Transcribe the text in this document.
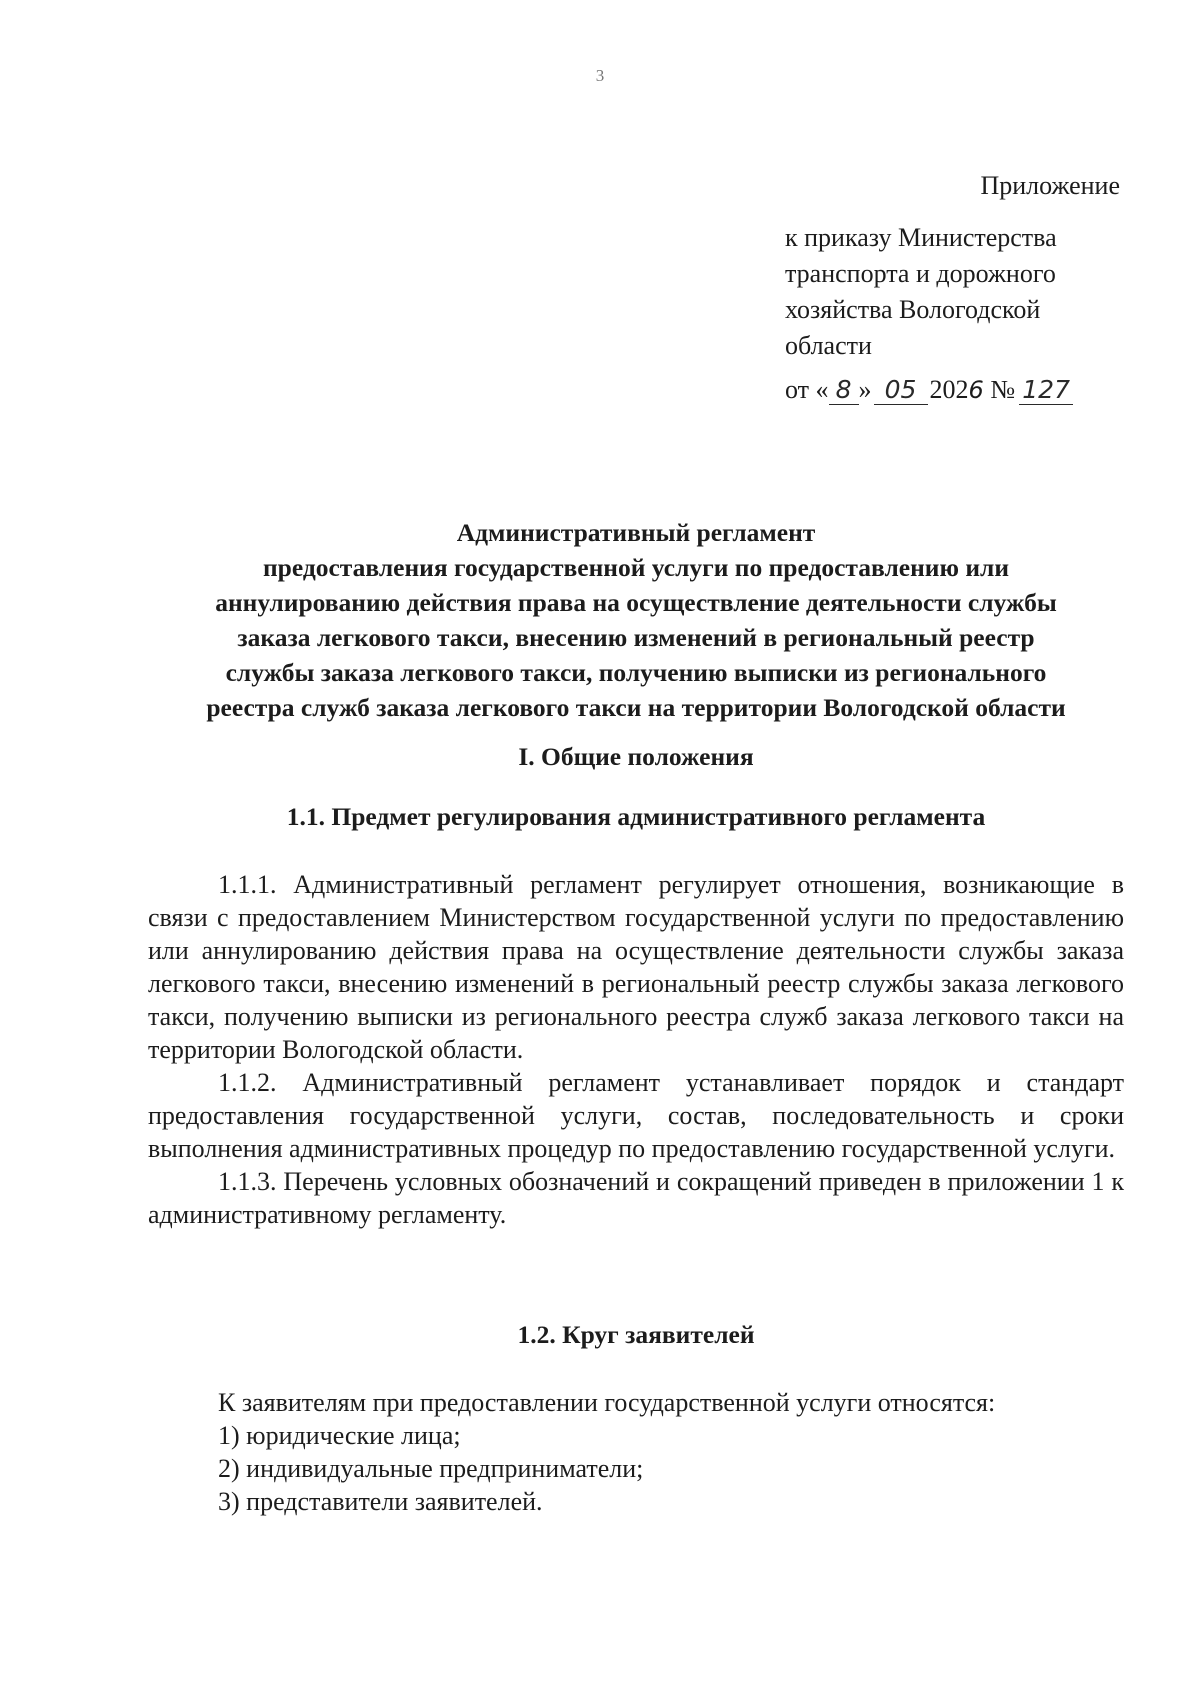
3
Приложение
к приказу Министерства
транспорта и дорожного
хозяйства Вологодской
области
от « 8 » 05 2026 № 127
Административный регламент
предоставления государственной услуги по предоставлению или
аннулированию действия права на осуществление деятельности службы
заказа легкового такси, внесению изменений в региональный реестр
службы заказа легкового такси, получению выписки из регионального
реестра служб заказа легкового такси на территории Вологодской области
I. Общие положения
1.1. Предмет регулирования административного регламента

1.1.1. Административный регламент регулирует отношения, возникающие в связи с предоставлением Министерством государственной услуги по предоставлению или аннулированию действия права на осуществление деятельности службы заказа легкового такси, внесению изменений в региональный реестр службы заказа легкового такси, получению выписки из регионального реестра служб заказа легкового такси на территории Вологодской области.

1.1.2. Административный регламент устанавливает порядок и стандарт предоставления государственной услуги, состав, последовательность и сроки выполнения административных процедур по предоставлению государственной услуги.

1.1.3. Перечень условных обозначений и сокращений приведен в приложении 1 к административному регламенту.

1.2. Круг заявителей
К заявителям при предоставлении государственной услуги относятся:
1) юридические лица;
2) индивидуальные предприниматели;
3) представители заявителей.
